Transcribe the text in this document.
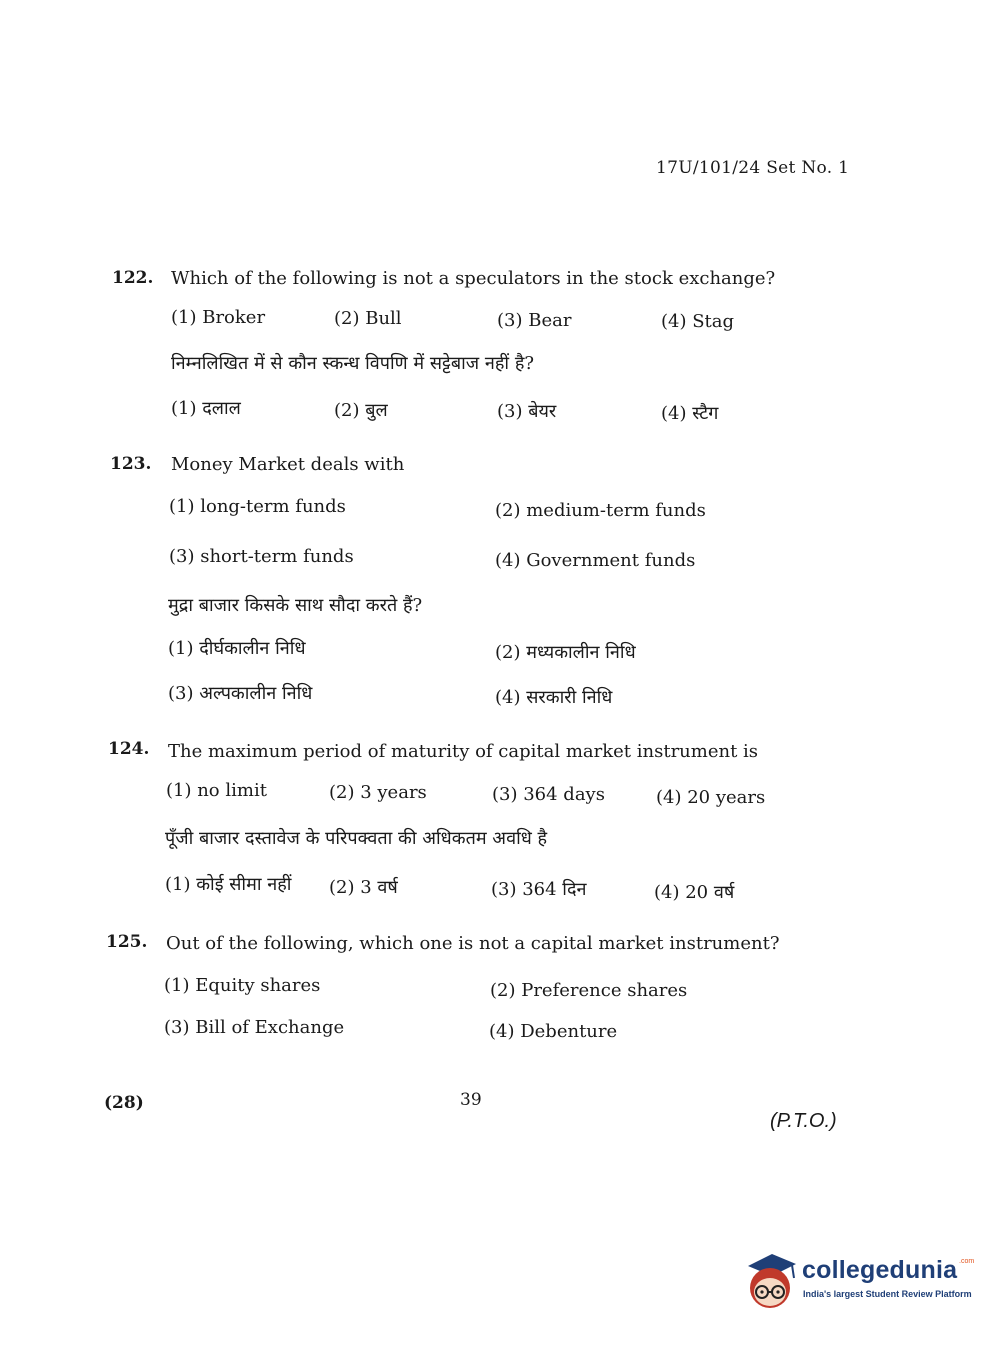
17U/101/24 Set No. 1
122. Which of the following is not a speculators in the stock exchange?
(1) Broker	(2) Bull	(3) Bear	(4) Stag
निम्नलिखित में से कौन स्कन्ध विपणि में सट्टेबाज नहीं है?
(1) दलाल	(2) बुल	(3) बेयर	(4) स्टैग
123. Money Market deals with
(1) long-term funds	(2) medium-term funds
(3) short-term funds	(4) Government funds
मुद्रा बाजार किसके साथ सौदा करते हैं?
(1) दीर्घकालीन निधि	(2) मध्यकालीन निधि
(3) अल्पकालीन निधि	(4) सरकारी निधि
124. The maximum period of maturity of capital market instrument is
(1) no limit	(2) 3 years	(3) 364 days	(4) 20 years
पूँजी बाजार दस्तावेज के परिपक्वता की अधिकतम अवधि है
(1) कोई सीमा नहीं (2) 3 वर्ष	(3) 364 दिन	(4) 20 वर्ष
125. Out of the following, which one is not a capital market instrument?
(1) Equity shares	(2) Preference shares
(3) Bill of Exchange	(4) Debenture
(28)	39
(P.T.O.)
collegedunia .com
India's largest Student Review Platform
